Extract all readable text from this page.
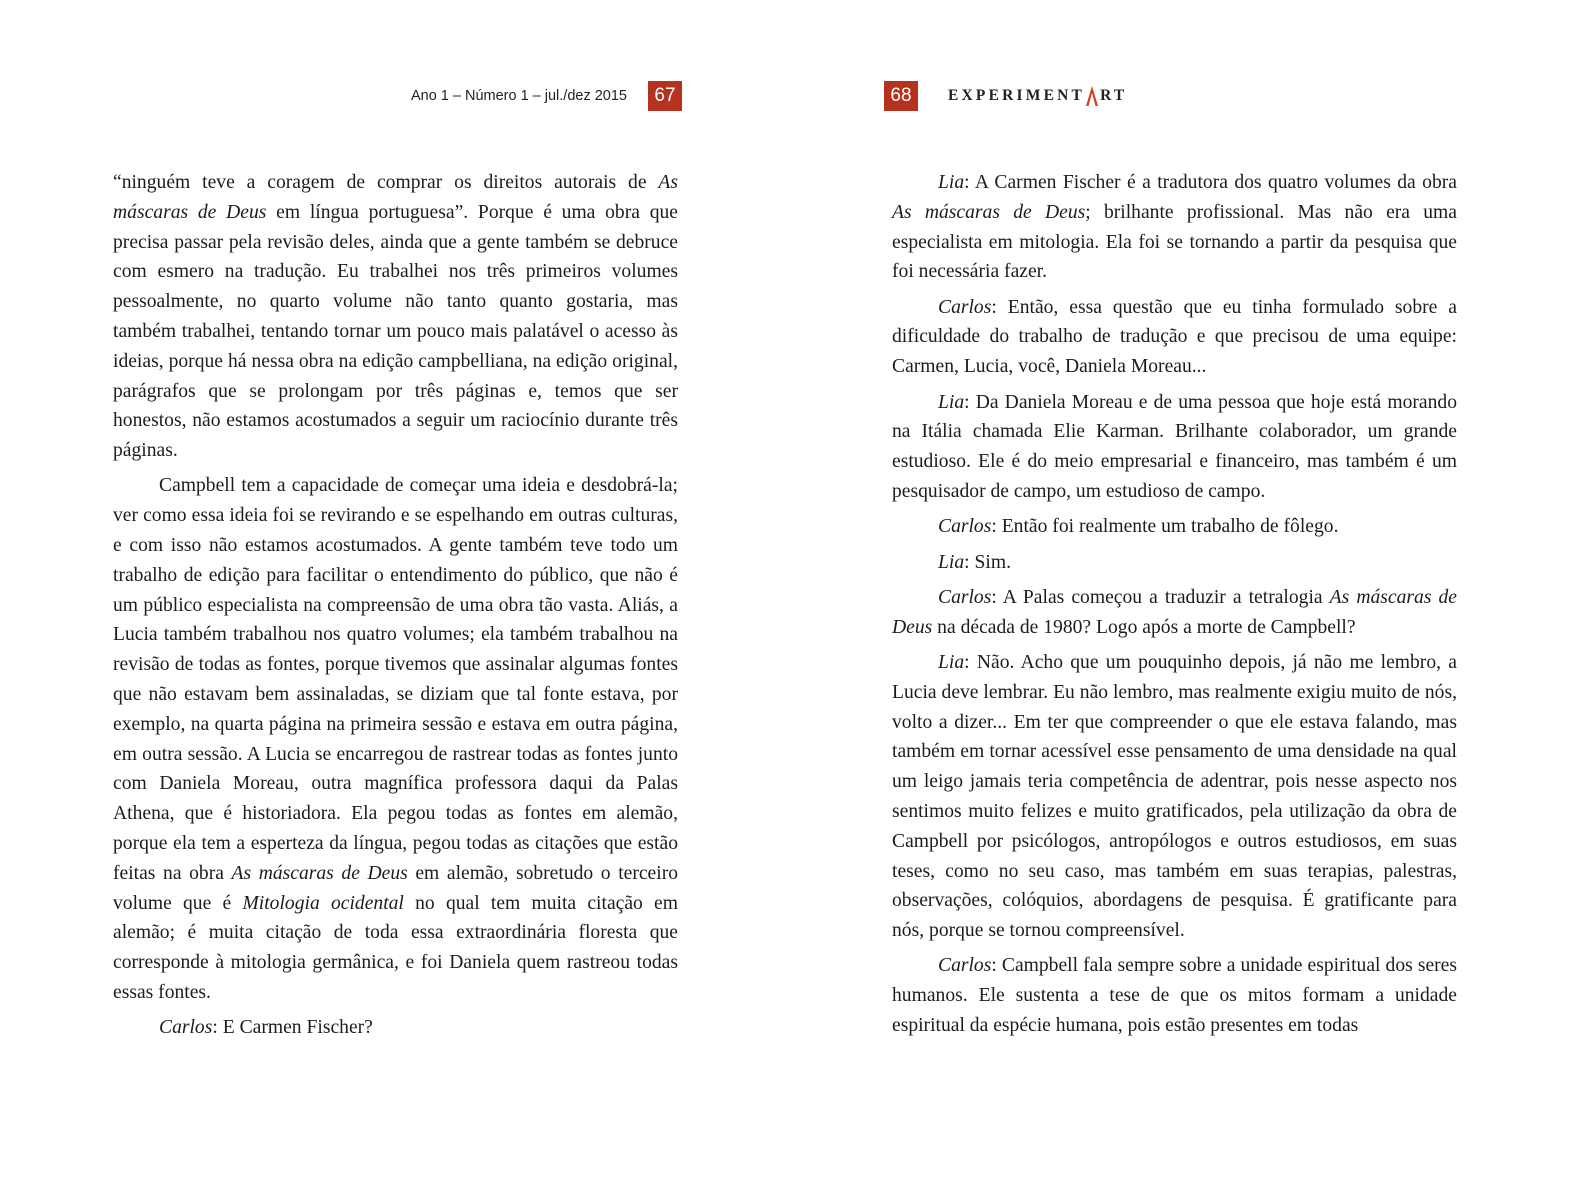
Ano 1 – Número 1 – jul./dez 2015	67

“ninguém teve a coragem de comprar os direitos autorais de As máscaras de Deus em língua portuguesa”. Porque é uma obra que precisa passar pela revisão deles, ainda que a gente também se debruce com esmero na tradução. Eu trabalhei nos três primeiros volumes pessoalmente, no quarto volume não tanto quanto gostaria, mas também trabalhei, tentando tornar um pouco mais palatável o acesso às ideias, porque há nessa obra na edição campbelliana, na edição original, parágrafos que se prolongam por três páginas e, temos que ser honestos, não estamos acostumados a seguir um raciocínio durante três páginas.

Campbell tem a capacidade de começar uma ideia e desdobrá-la; ver como essa ideia foi se revirando e se espelhando em outras culturas, e com isso não estamos acostumados. A gente também teve todo um trabalho de edição para facilitar o entendimento do público, que não é um público especialista na compreensão de uma obra tão vasta. Aliás, a Lucia também trabalhou nos quatro volumes; ela também trabalhou na revisão de todas as fontes, porque tivemos que assinalar algumas fontes que não estavam bem assinaladas, se diziam que tal fonte estava, por exemplo, na quarta página na primeira sessão e estava em outra página, em outra sessão. A Lucia se encarregou de rastrear todas as fontes junto com Daniela Moreau, outra magnífica professora daqui da Palas Athena, que é historiadora. Ela pegou todas as fontes em alemão, porque ela tem a esperteza da língua, pegou todas as citações que estão feitas na obra As máscaras de Deus em alemão, sobretudo o terceiro volume que é Mitologia ocidental no qual tem muita citação em alemão; é muita citação de toda essa extraordinária floresta que corresponde à mitologia germânica, e foi Daniela quem rastreou todas essas fontes.

Carlos: E Carmen Fischer?

68	EXPERIMENT RT

Lia: A Carmen Fischer é a tradutora dos quatro volumes da obra As máscaras de Deus; brilhante profissional. Mas não era uma especialista em mitologia. Ela foi se tornando a partir da pesquisa que foi necessária fazer.

Carlos: Então, essa questão que eu tinha formulado sobre a dificuldade do trabalho de tradução e que precisou de uma equipe: Carmen, Lucia, você, Daniela Moreau...

Lia: Da Daniela Moreau e de uma pessoa que hoje está morando na Itália chamada Elie Karman. Brilhante colaborador, um grande estudioso. Ele é do meio empresarial e financeiro, mas também é um pesquisador de campo, um estudioso de campo.

Carlos: Então foi realmente um trabalho de fôlego.

Lia: Sim.

Carlos: A Palas começou a traduzir a tetralogia As máscaras de Deus na década de 1980? Logo após a morte de Campbell?

Lia: Não. Acho que um pouquinho depois, já não me lembro, a Lucia deve lembrar. Eu não lembro, mas realmente exigiu muito de nós, volto a dizer... Em ter que compreender o que ele estava falando, mas também em tornar acessível esse pensamento de uma densidade na qual um leigo jamais teria competência de adentrar, pois nesse aspecto nos sentimos muito felizes e muito gratificados, pela utilização da obra de Campbell por psicólogos, antropólogos e outros estudiosos, em suas teses, como no seu caso, mas também em suas terapias, palestras, observações, colóquios, abordagens de pesquisa. É gratificante para nós, porque se tornou compreensível.

Carlos: Campbell fala sempre sobre a unidade espiritual dos seres humanos. Ele sustenta a tese de que os mitos formam a unidade espiritual da espécie humana, pois estão presentes em todas
